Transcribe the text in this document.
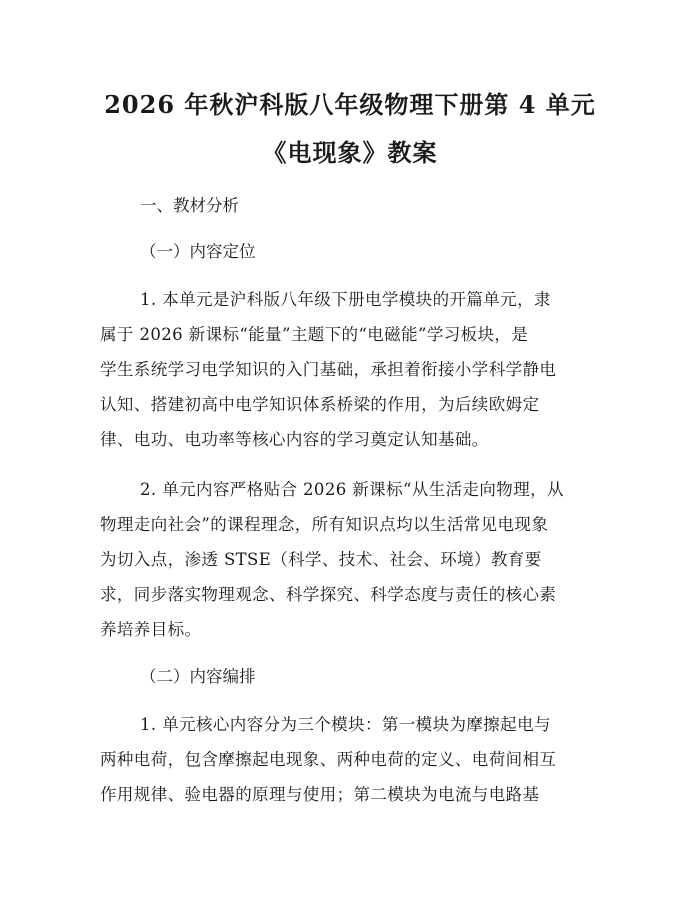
2026 年秋沪科版八年级物理下册第 4 单元
《电现象》教案
一、教材分析
（一）内容定位
1. 本单元是沪科版八年级下册电学模块的开篇单元，隶
属于 2026 新课标“能量”主题下的“电磁能”学习板块，是
学生系统学习电学知识的入门基础，承担着衔接小学科学静电
认知、搭建初高中电学知识体系桥梁的作用，为后续欧姆定
律、电功、电功率等核心内容的学习奠定认知基础。
2. 单元内容严格贴合 2026 新课标“从生活走向物理，从
物理走向社会”的课程理念，所有知识点均以生活常见电现象
为切入点，渗透 STSE（科学、技术、社会、环境）教育要
求，同步落实物理观念、科学探究、科学态度与责任的核心素
养培养目标。
（二）内容编排
1. 单元核心内容分为三个模块：第一模块为摩擦起电与
两种电荷，包含摩擦起电现象、两种电荷的定义、电荷间相互
作用规律、验电器的原理与使用；第二模块为电流与电路基
